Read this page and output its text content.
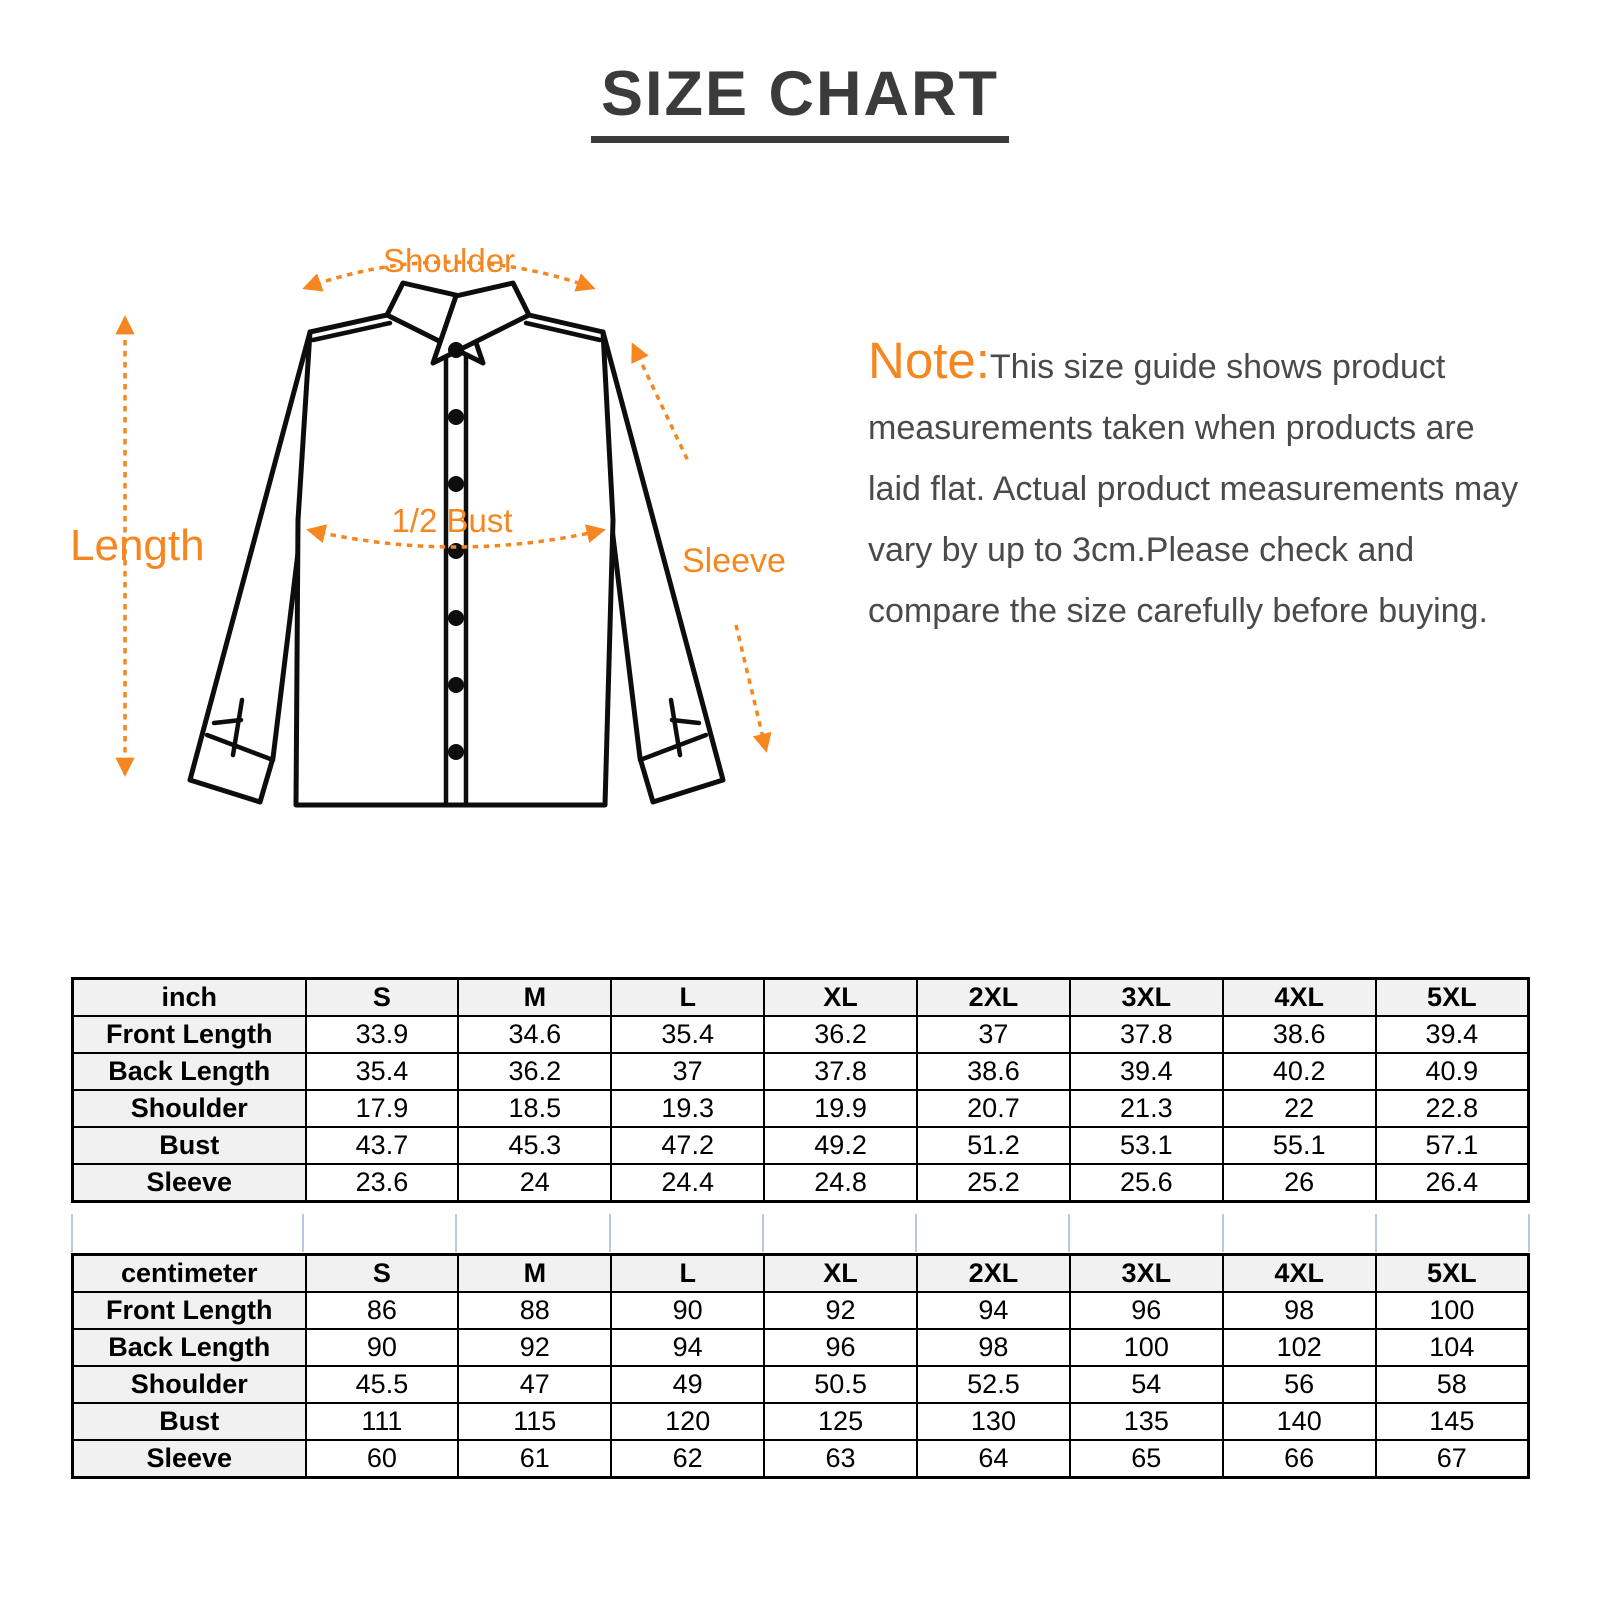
SIZE CHART
Shoulder
Length
1/2 Bust
Sleeve
Note:This size guide shows product measurements taken when products are laid flat. Actual product measurements may vary by up to 3cm.Please check and compare the size carefully before buying.
inch	S	M	L	XL	2XL	3XL	4XL	5XL
Front Length	33.9	34.6	35.4	36.2	37	37.8	38.6	39.4
Back Length	35.4	36.2	37	37.8	38.6	39.4	40.2	40.9
Shoulder	17.9	18.5	19.3	19.9	20.7	21.3	22	22.8
Bust	43.7	45.3	47.2	49.2	51.2	53.1	55.1	57.1
Sleeve	23.6	24	24.4	24.8	25.2	25.6	26	26.4
centimeter	S	M	L	XL	2XL	3XL	4XL	5XL
Front Length	86	88	90	92	94	96	98	100
Back Length	90	92	94	96	98	100	102	104
Shoulder	45.5	47	49	50.5	52.5	54	56	58
Bust	111	115	120	125	130	135	140	145
Sleeve	60	61	62	63	64	65	66	67
